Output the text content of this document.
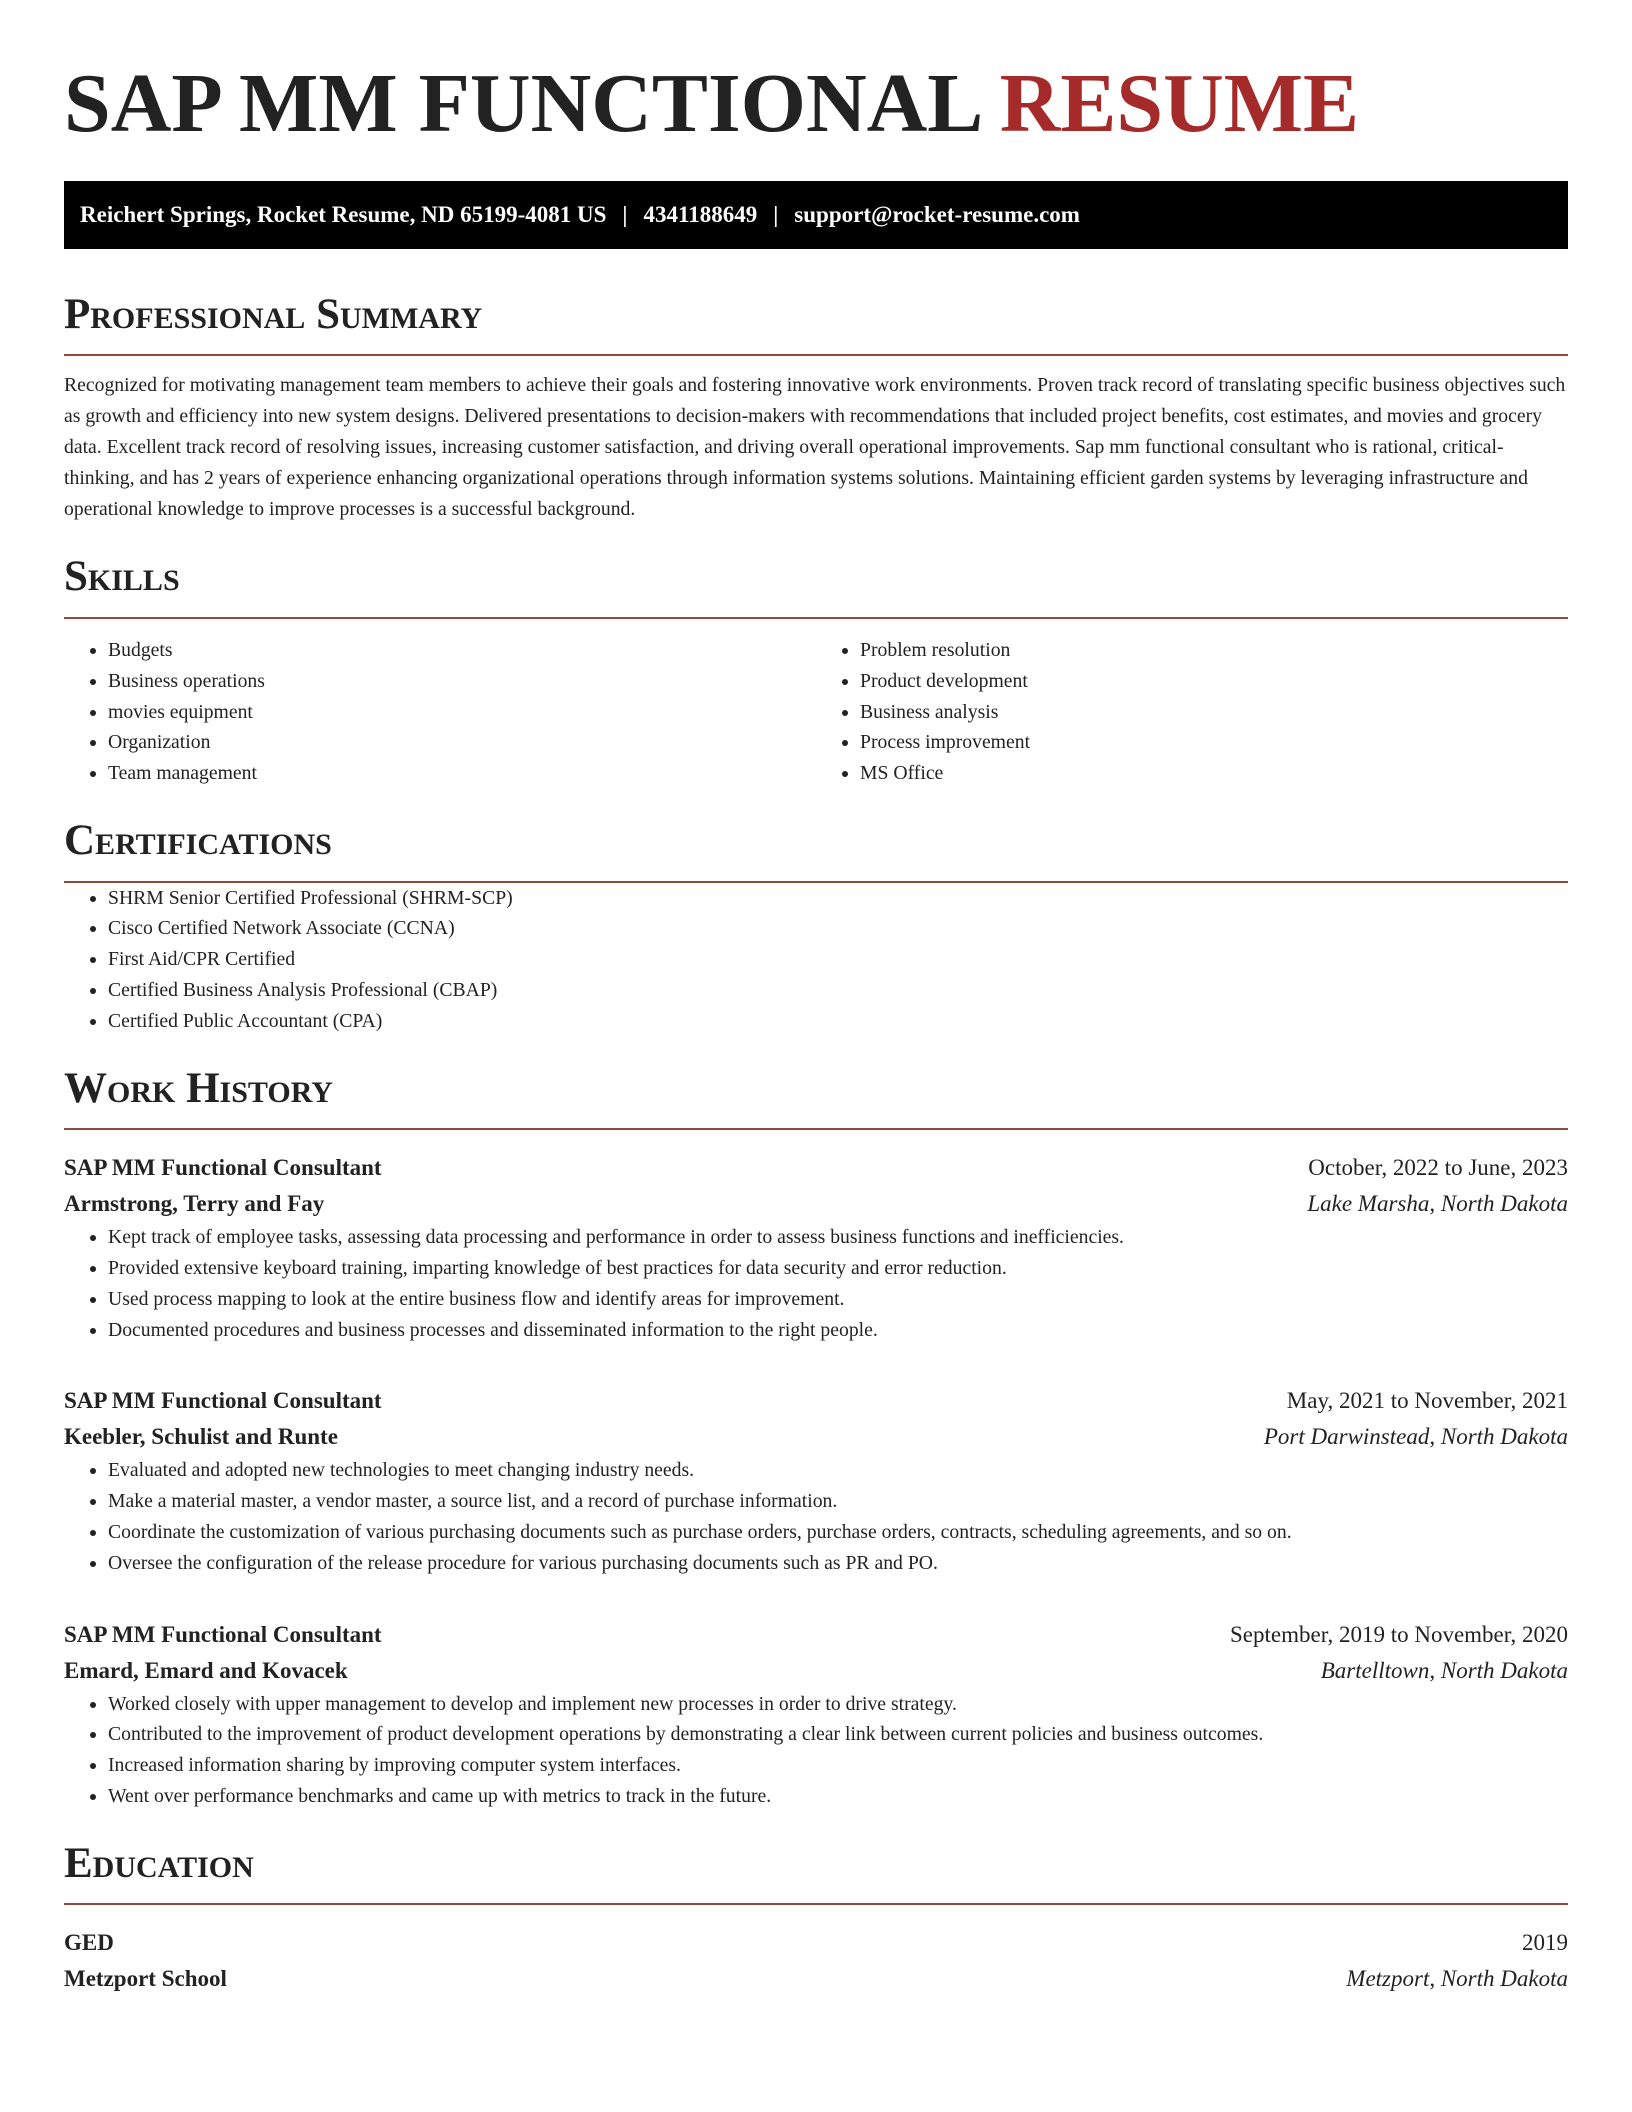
SAP MM FUNCTIONAL RESUME
Reichert Springs, Rocket Resume, ND 65199-4081 US | 4341188649 | support@rocket-resume.com
Professional Summary

Recognized for motivating management team members to achieve their goals and fostering innovative work environments. Proven track record of translating specific business objectives such as growth and efficiency into new system designs. Delivered presentations to decision-makers with recommendations that included project benefits, cost estimates, and movies and grocery data. Excellent track record of resolving issues, increasing customer satisfaction, and driving overall operational improvements. Sap mm functional consultant who is rational, critical-thinking, and has 2 years of experience enhancing organizational operations through information systems solutions. Maintaining efficient garden systems by leveraging infrastructure and operational knowledge to improve processes is a successful background.

Skills
• Budgets
• Business operations
• movies equipment
• Organization
• Team management
• Problem resolution
• Product development
• Business analysis
• Process improvement
• MS Office
Certifications
• SHRM Senior Certified Professional (SHRM-SCP)
• Cisco Certified Network Associate (CCNA)
• First Aid/CPR Certified
• Certified Business Analysis Professional (CBAP)
• Certified Public Accountant (CPA)
Work History
SAP MM Functional Consultant	October, 2022 to June, 2023
Armstrong, Terry and Fay	Lake Marsha, North Dakota
• Kept track of employee tasks, assessing data processing and performance in order to assess business functions and inefficiencies.
• Provided extensive keyboard training, imparting knowledge of best practices for data security and error reduction.
• Used process mapping to look at the entire business flow and identify areas for improvement.
• Documented procedures and business processes and disseminated information to the right people.
SAP MM Functional Consultant	May, 2021 to November, 2021
Keebler, Schulist and Runte	Port Darwinstead, North Dakota
• Evaluated and adopted new technologies to meet changing industry needs.
• Make a material master, a vendor master, a source list, and a record of purchase information.
• Coordinate the customization of various purchasing documents such as purchase orders, purchase orders, contracts, scheduling agreements, and so on.
• Oversee the configuration of the release procedure for various purchasing documents such as PR and PO.
SAP MM Functional Consultant	September, 2019 to November, 2020
Emard, Emard and Kovacek	Bartelltown, North Dakota
• Worked closely with upper management to develop and implement new processes in order to drive strategy.
• Contributed to the improvement of product development operations by demonstrating a clear link between current policies and business outcomes.
• Increased information sharing by improving computer system interfaces.
• Went over performance benchmarks and came up with metrics to track in the future.
Education
GED	2019
Metzport School	Metzport, North Dakota
